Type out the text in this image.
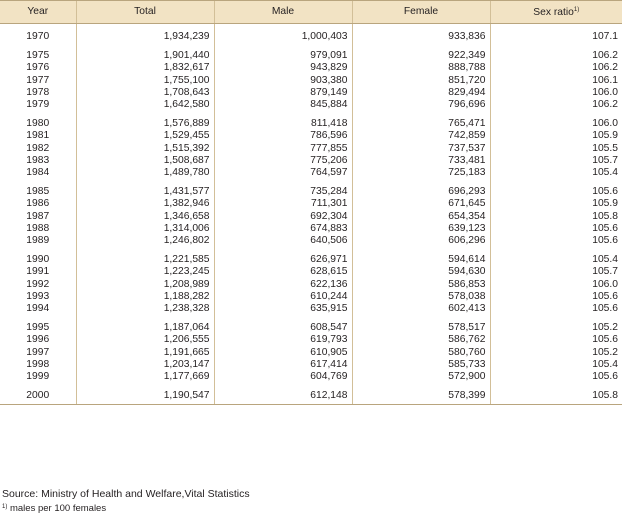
Year	Total	Male	Female	Sex ratio$^{1)}$
1970	1,934,239	1,000,403	933,836	107.1
1975	1,901,440	979,091	922,349	106.2
1976	1,832,617	943,829	888,788	106.2
1977	1,755,100	903,380	851,720	106.1
1978	1,708,643	879,149	829,494	106.0
1979	1,642,580	845,884	796,696	106.2
1980	1,576,889	811,418	765,471	106.0
1981	1,529,455	786,596	742,859	105.9
1982	1,515,392	777,855	737,537	105.5
1983	1,508,687	775,206	733,481	105.7
1984	1,489,780	764,597	725,183	105.4
1985	1,431,577	735,284	696,293	105.6
1986	1,382,946	711,301	671,645	105.9
1987	1,346,658	692,304	654,354	105.8
1988	1,314,006	674,883	639,123	105.6
1989	1,246,802	640,506	606,296	105.6
1990	1,221,585	626,971	594,614	105.4
1991	1,223,245	628,615	594,630	105.7
1992	1,208,989	622,136	586,853	106.0
1993	1,188,282	610,244	578,038	105.6
1994	1,238,328	635,915	602,413	105.6
1995	1,187,064	608,547	578,517	105.2
1996	1,206,555	619,793	586,762	105.6
1997	1,191,665	610,905	580,760	105.2
1998	1,203,147	617,414	585,733	105.4
1999	1,177,669	604,769	572,900	105.6
2000	1,190,547	612,148	578,399	105.8
Source: Ministry of Health and Welfare,Vital Statistics
$^{1)}$ males per 100 females
